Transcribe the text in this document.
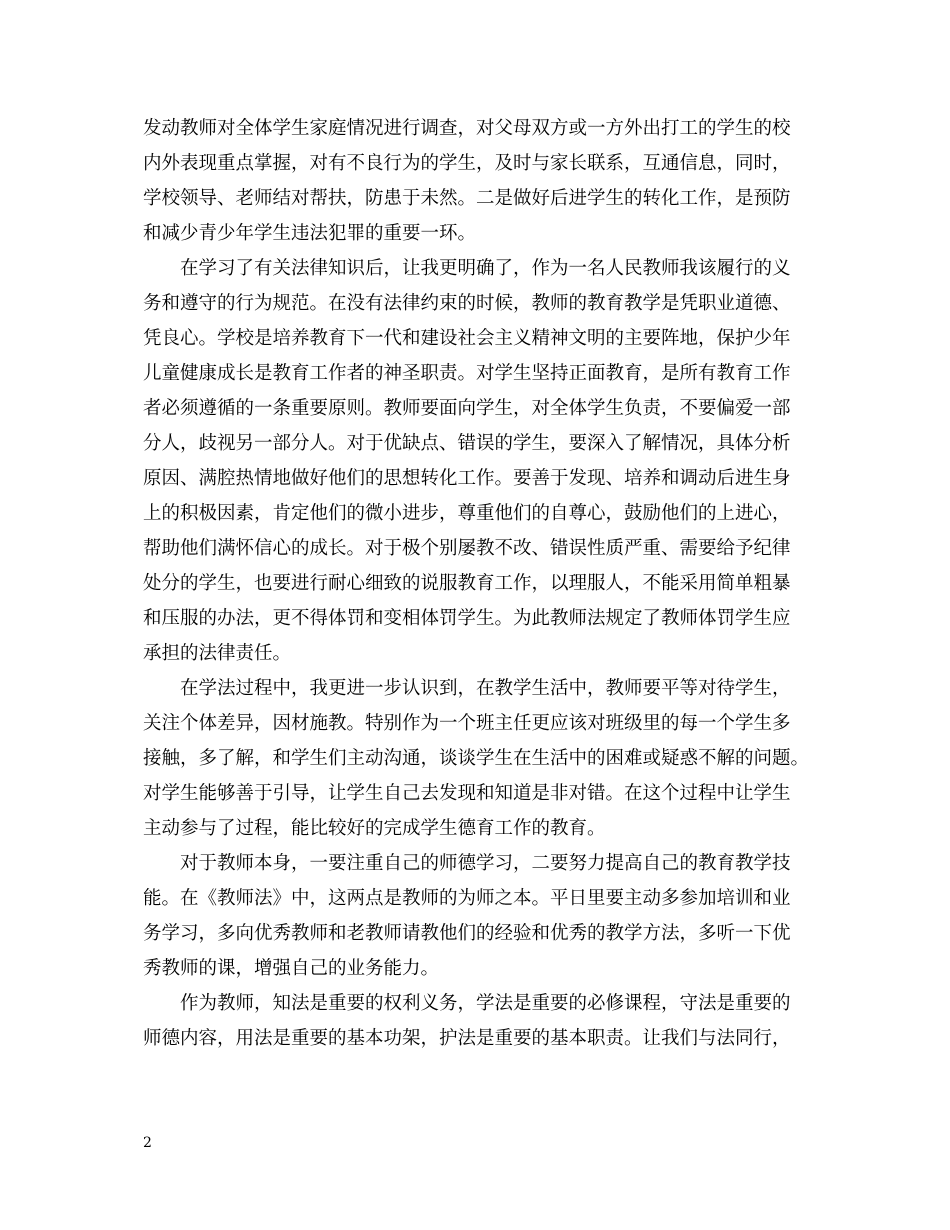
发动教师对全体学生家庭情况进行调查，对父母双方或一方外出打工的学生的校
内外表现重点掌握，对有不良行为的学生，及时与家长联系，互通信息，同时，
学校领导、老师结对帮扶，防患于未然。二是做好后进学生的转化工作，是预防
和减少青少年学生违法犯罪的重要一环。
在学习了有关法律知识后，让我更明确了，作为一名人民教师我该履行的义
务和遵守的行为规范。在没有法律约束的时候，教师的教育教学是凭职业道德、
凭良心。学校是培养教育下一代和建设社会主义精神文明的主要阵地，保护少年
儿童健康成长是教育工作者的神圣职责。对学生坚持正面教育，是所有教育工作
者必须遵循的一条重要原则。教师要面向学生，对全体学生负责，不要偏爱一部
分人，歧视另一部分人。对于优缺点、错误的学生，要深入了解情况，具体分析
原因、满腔热情地做好他们的思想转化工作。要善于发现、培养和调动后进生身
上的积极因素，肯定他们的微小进步，尊重他们的自尊心，鼓励他们的上进心，
帮助他们满怀信心的成长。对于极个别屡教不改、错误性质严重、需要给予纪律
处分的学生，也要进行耐心细致的说服教育工作，以理服人，不能采用简单粗暴
和压服的办法，更不得体罚和变相体罚学生。为此教师法规定了教师体罚学生应
承担的法律责任。
在学法过程中，我更进一步认识到，在教学生活中，教师要平等对待学生，
关注个体差异，因材施教。特别作为一个班主任更应该对班级里的每一个学生多
接触，多了解，和学生们主动沟通，谈谈学生在生活中的困难或疑惑不解的问题。
对学生能够善于引导，让学生自己去发现和知道是非对错。在这个过程中让学生
主动参与了过程，能比较好的完成学生德育工作的教育。
对于教师本身，一要注重自己的师德学习，二要努力提高自己的教育教学技
能。在《教师法》中，这两点是教师的为师之本。平日里要主动多参加培训和业
务学习，多向优秀教师和老教师请教他们的经验和优秀的教学方法，多听一下优
秀教师的课，增强自己的业务能力。
作为教师，知法是重要的权利义务，学法是重要的必修课程，守法是重要的
师德内容，用法是重要的基本功架，护法是重要的基本职责。让我们与法同行，
2
